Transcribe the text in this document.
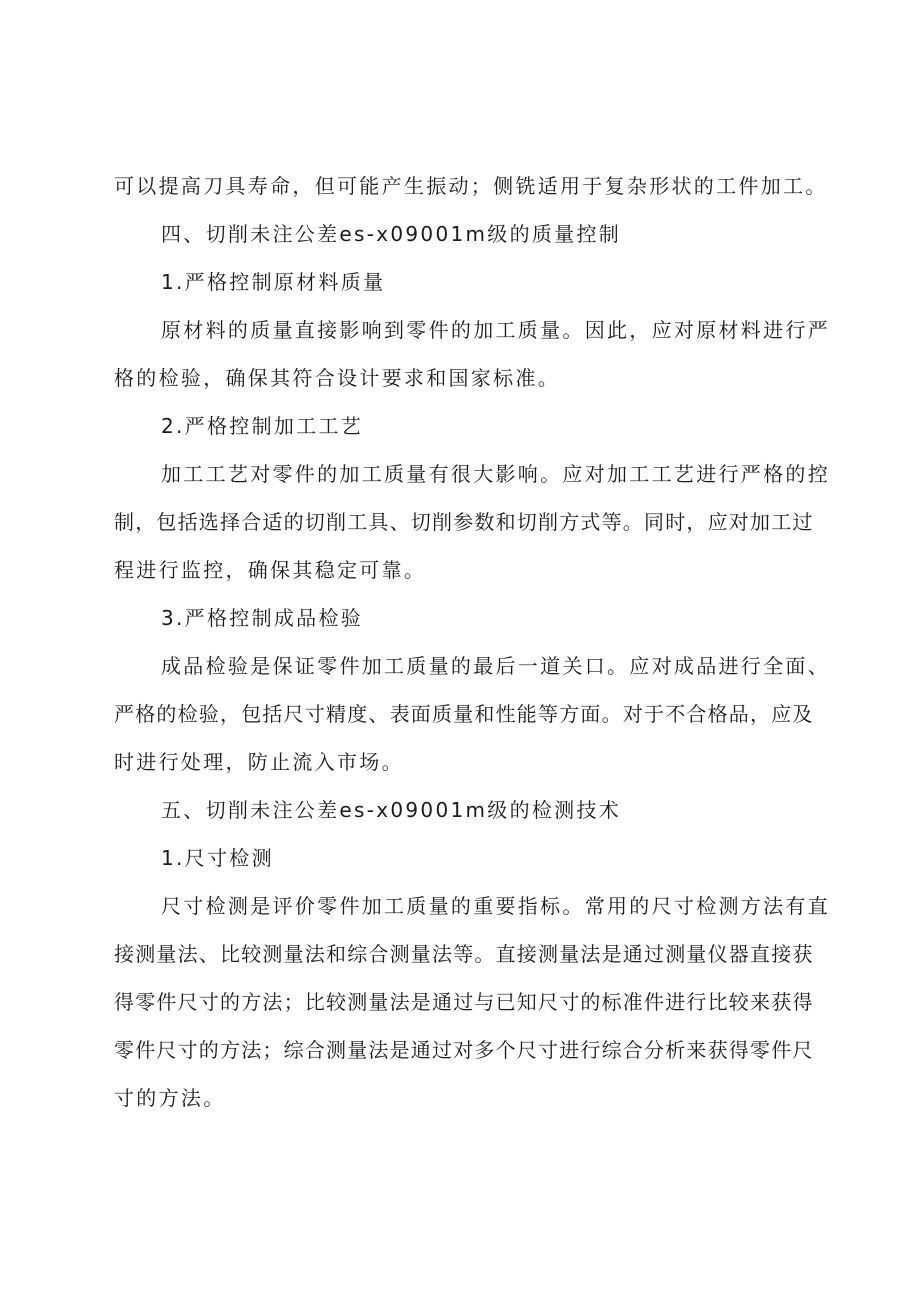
可以提高刀具寿命，但可能产生振动；侧铣适用于复杂形状的工件加工。
四、切削未注公差es-x09001m级的质量控制
1.严格控制原材料质量
原材料的质量直接影响到零件的加工质量。因此，应对原材料进行严
格的检验，确保其符合设计要求和国家标准。
2.严格控制加工工艺
加工工艺对零件的加工质量有很大影响。应对加工工艺进行严格的控
制，包括选择合适的切削工具、切削参数和切削方式等。同时，应对加工过
程进行监控，确保其稳定可靠。
3.严格控制成品检验
成品检验是保证零件加工质量的最后一道关口。应对成品进行全面、
严格的检验，包括尺寸精度、表面质量和性能等方面。对于不合格品，应及
时进行处理，防止流入市场。
五、切削未注公差es-x09001m级的检测技术
1.尺寸检测
尺寸检测是评价零件加工质量的重要指标。常用的尺寸检测方法有直
接测量法、比较测量法和综合测量法等。直接测量法是通过测量仪器直接获
得零件尺寸的方法；比较测量法是通过与已知尺寸的标准件进行比较来获得
零件尺寸的方法；综合测量法是通过对多个尺寸进行综合分析来获得零件尺
寸的方法。
